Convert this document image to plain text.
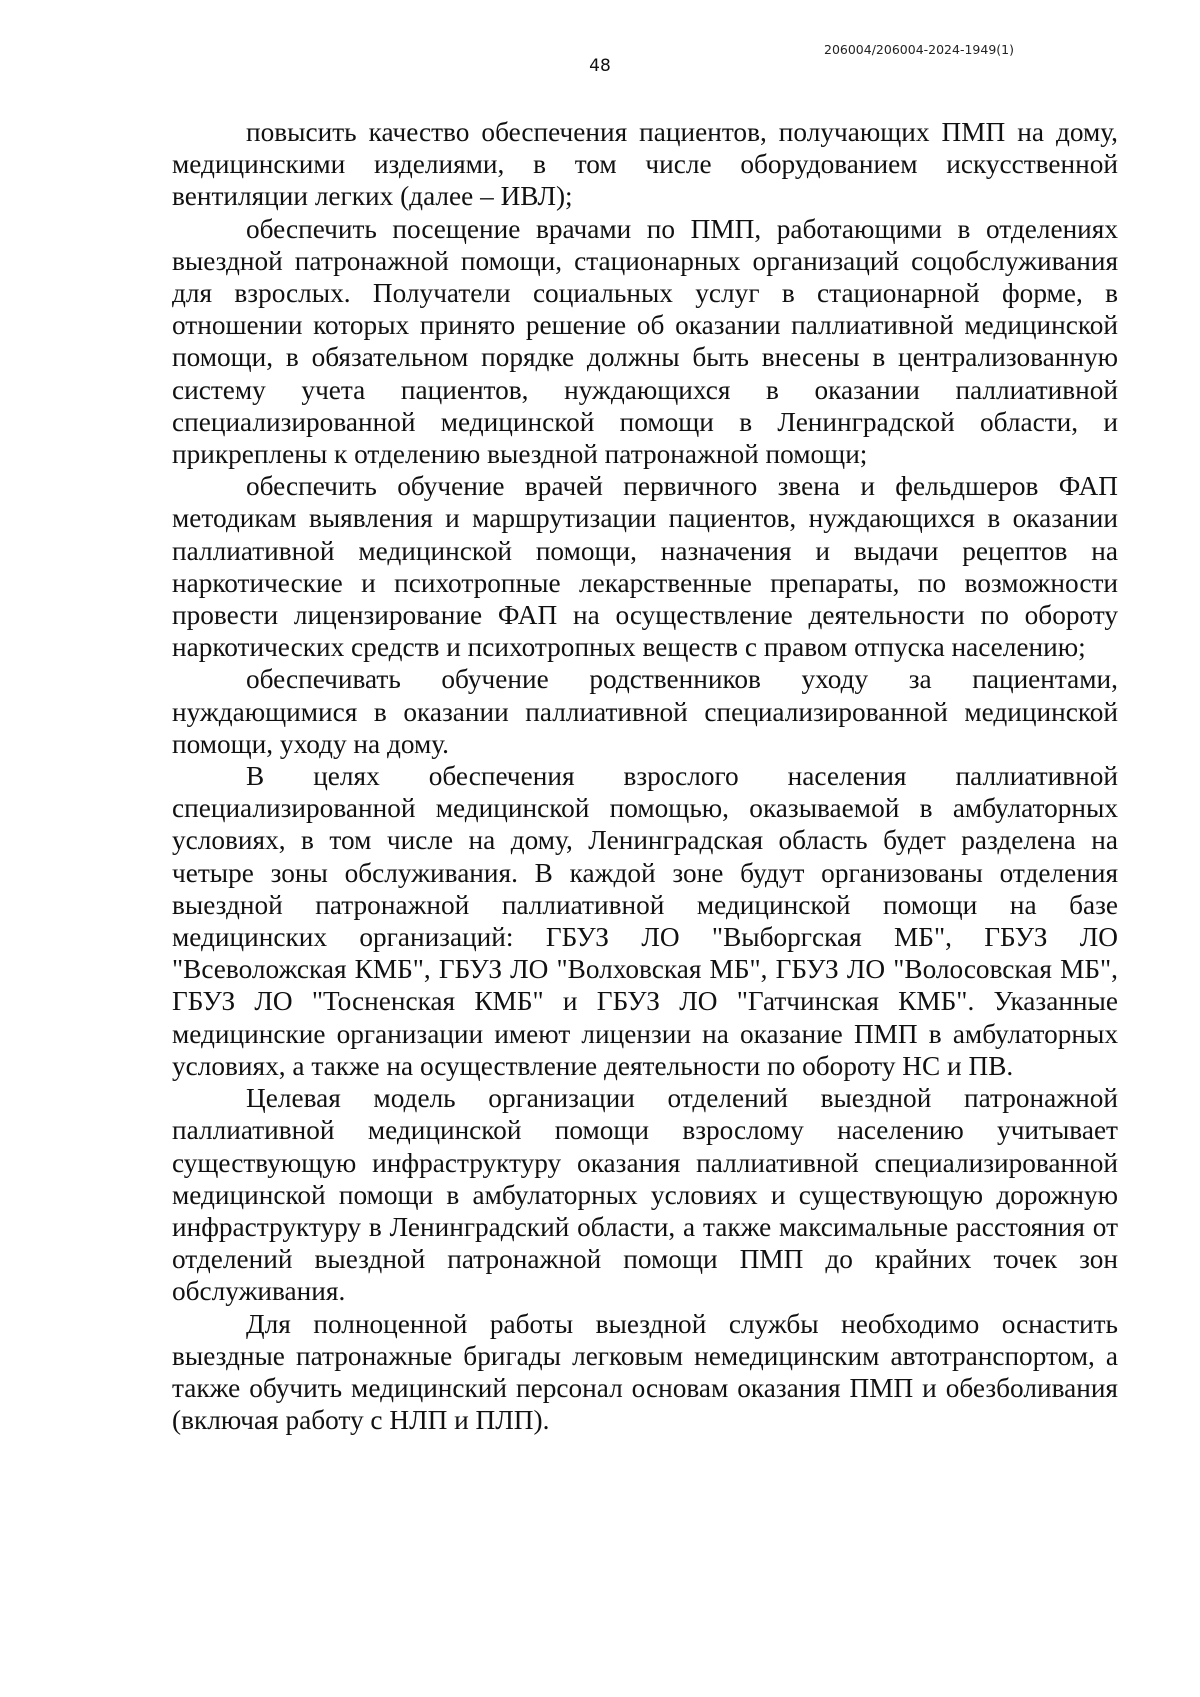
206004/206004-2024-1949(1)
48

повысить качество обеспечения пациентов, получающих ПМП на дому, медицинскими изделиями, в том числе оборудованием искусственной вентиляции легких (далее – ИВЛ);

обеспечить посещение врачами по ПМП, работающими в отделениях выездной патронажной помощи, стационарных организаций соцобслуживания для взрослых. Получатели социальных услуг в стационарной форме, в отношении которых принято решение об оказании паллиативной медицинской помощи, в обязательном порядке должны быть внесены в централизованную систему учета пациентов, нуждающихся в оказании паллиативной специализированной медицинской помощи в Ленинградской области, и прикреплены к отделению выездной патронажной помощи;

обеспечить обучение врачей первичного звена и фельдшеров ФАП методикам выявления и маршрутизации пациентов, нуждающихся в оказании паллиативной медицинской помощи, назначения и выдачи рецептов на наркотические и психотропные лекарственные препараты, по возможности провести лицензирование ФАП на осуществление деятельности по обороту наркотических средств и психотропных веществ с правом отпуска населению;

обеспечивать обучение родственников уходу за пациентами, нуждающимися в оказании паллиативной специализированной медицинской помощи, уходу на дому.

В целях обеспечения взрослого населения паллиативной специализированной медицинской помощью, оказываемой в амбулаторных условиях, в том числе на дому, Ленинградская область будет разделена на четыре зоны обслуживания. В каждой зоне будут организованы отделения выездной патронажной паллиативной медицинской помощи на базе медицинских организаций: ГБУЗ ЛО "Выборгская МБ", ГБУЗ ЛО "Всеволожская КМБ", ГБУЗ ЛО "Волховская МБ", ГБУЗ ЛО "Волосовская МБ", ГБУЗ ЛО "Тосненская КМБ" и ГБУЗ ЛО "Гатчинская КМБ". Указанные медицинские организации имеют лицензии на оказание ПМП в амбулаторных условиях, а также на осуществление деятельности по обороту НС и ПВ.

Целевая модель организации отделений выездной патронажной паллиативной медицинской помощи взрослому населению учитывает существующую инфраструктуру оказания паллиативной специализированной медицинской помощи в амбулаторных условиях и существующую дорожную инфраструктуру в Ленинградский области, а также максимальные расстояния от отделений выездной патронажной помощи ПМП до крайних точек зон обслуживания.

Для полноценной работы выездной службы необходимо оснастить выездные патронажные бригады легковым немедицинским автотранспортом, а также обучить медицинский персонал основам оказания ПМП и обезболивания (включая работу с НЛП и ПЛП).
